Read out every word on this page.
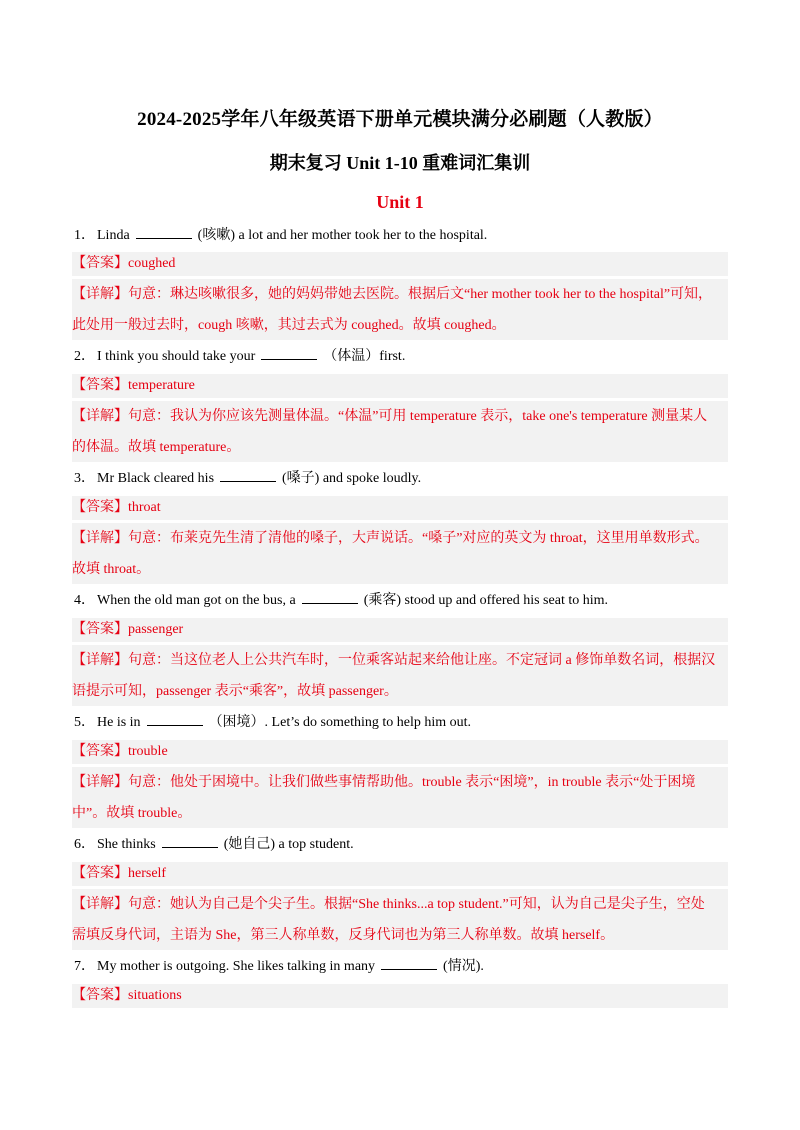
2024-2025学年八年级英语下册单元模块满分必刷题（人教版）
期末复习 Unit 1-10 重难词汇集训
Unit 1
1． Linda	(咳嗽) a lot and her mother took her to the hospital.
【答案】coughed
【详解】句意：琳达咳嗽很多，她的妈妈带她去医院。根据后文“her mother took her to the hospital”可知，
此处用一般过去时，cough 咳嗽，其过去式为 coughed。故填 coughed。
2． I think you should take your	（体温）first.
【答案】temperature
【详解】句意：我认为你应该先测量体温。“体温”可用 temperature 表示，take one's temperature 测量某人
的体温。故填 temperature。
3． Mr Black cleared his	(嗓子) and spoke loudly.
【答案】throat
【详解】句意：布莱克先生清了清他的嗓子，大声说话。“嗓子”对应的英文为 throat，这里用单数形式。
故填 throat。
4． When the old man got on the bus, a	(乘客) stood up and offered his seat to him.
【答案】passenger
【详解】句意：当这位老人上公共汽车时，一位乘客站起来给他让座。不定冠词 a 修饰单数名词，根据汉
语提示可知，passenger 表示“乘客”，故填 passenger。
5． He is in	（困境）. Let’s do something to help him out.
【答案】trouble
【详解】句意：他处于困境中。让我们做些事情帮助他。trouble 表示“困境”，in trouble 表示“处于困境
中”。故填 trouble。
6． She thinks	(她自己) a top student.
【答案】herself
【详解】句意：她认为自己是个尖子生。根据“She thinks...a top student.”可知，认为自己是尖子生，空处
需填反身代词，主语为 She，第三人称单数，反身代词也为第三人称单数。故填 herself。
7． My mother is outgoing. She likes talking in many	(情况).
【答案】situations
